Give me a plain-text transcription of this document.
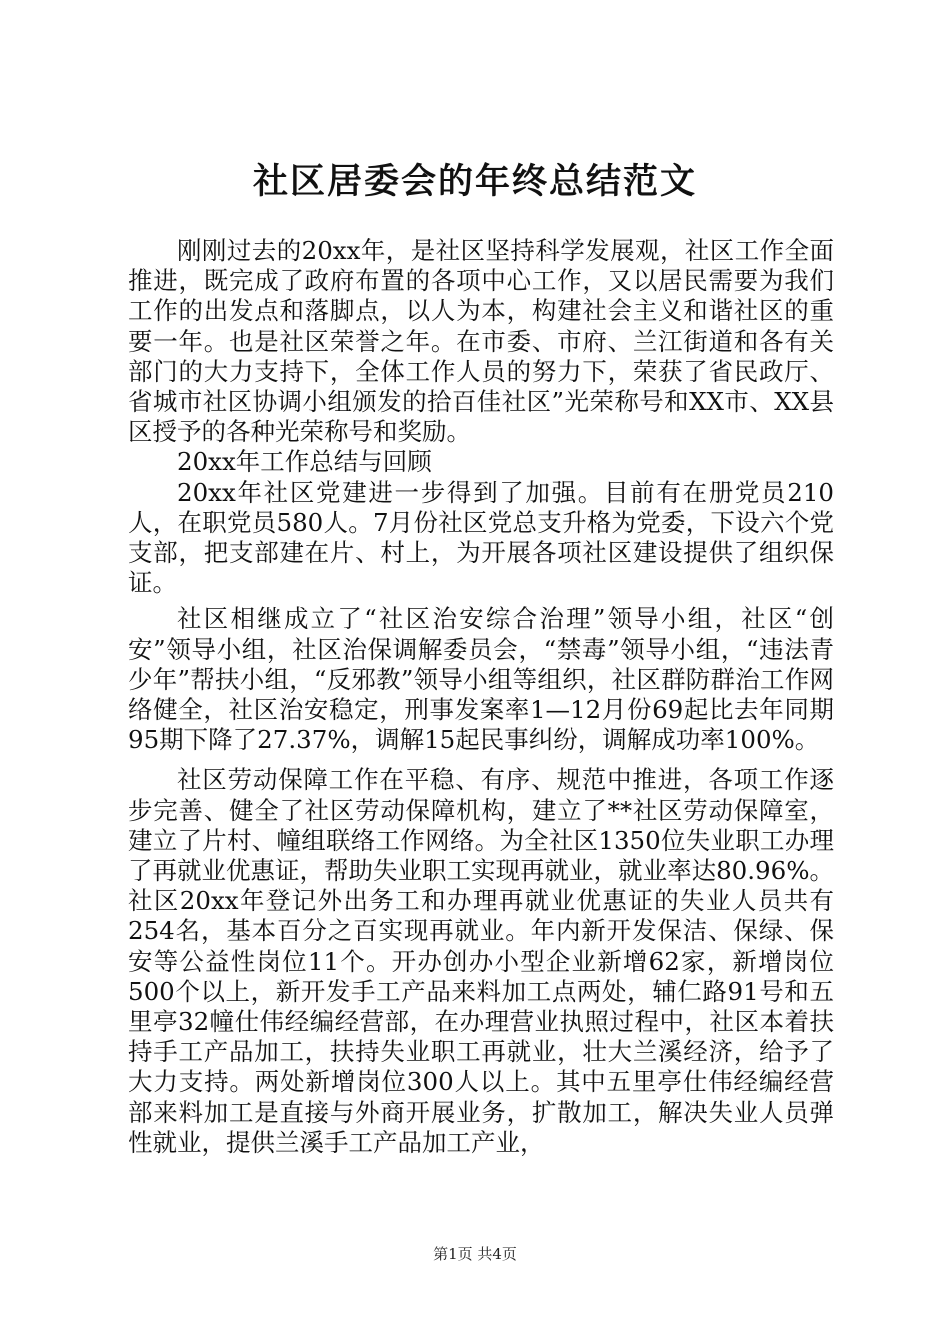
社区居委会的年终总结范文

刚刚过去的20xx年，是社区坚持科学发展观，社区工作全面推进，既完成了政府布置的各项中心工作，又以居民需要为我们工作的出发点和落脚点，以人为本，构建社会主义和谐社区的重要一年。也是社区荣誉之年。在市委、市府、兰江街道和各有关部门的大力支持下，全体工作人员的努力下，荣获了省民政厅、省城市社区协调小组颁发的拾百佳社区”光荣称号和XX市、XX县区授予的各种光荣称号和奖励。

20xx年工作总结与回顾

20xx年社区党建进一步得到了加强。目前有在册党员210人，在职党员580人。7月份社区党总支升格为党委，下设六个党支部，把支部建在片、村上，为开展各项社区建设提供了组织保证。

社区相继成立了“社区治安综合治理”领导小组，社区“创安”领导小组，社区治保调解委员会，“禁毒”领导小组，“违法青少年”帮扶小组，“反邪教”领导小组等组织，社区群防群治工作网络健全，社区治安稳定，刑事发案率1—12月份69起比去年同期95期下降了27.37%，调解15起民事纠纷，调解成功率100%。

社区劳动保障工作在平稳、有序、规范中推进，各项工作逐步完善、健全了社区劳动保障机构，建立了**社区劳动保障室，建立了片村、幢组联络工作网络。为全社区1350位失业职工办理了再就业优惠证，帮助失业职工实现再就业，就业率达80.96%。社区20xx年登记外出务工和办理再就业优惠证的失业人员共有254名，基本百分之百实现再就业。年内新开发保洁、保绿、保安等公益性岗位11个。开办创办小型企业新增62家，新增岗位500个以上，新开发手工产品来料加工点两处，辅仁路91号和五里亭32幢仕伟经编经营部，在办理营业执照过程中，社区本着扶持手工产品加工，扶持失业职工再就业，壮大兰溪经济，给予了大力支持。两处新增岗位300人以上。其中五里亭仕伟经编经营部来料加工是直接与外商开展业务，扩散加工，解决失业人员弹性就业，提供兰溪手工产品加工产业，

第1页 共4页
